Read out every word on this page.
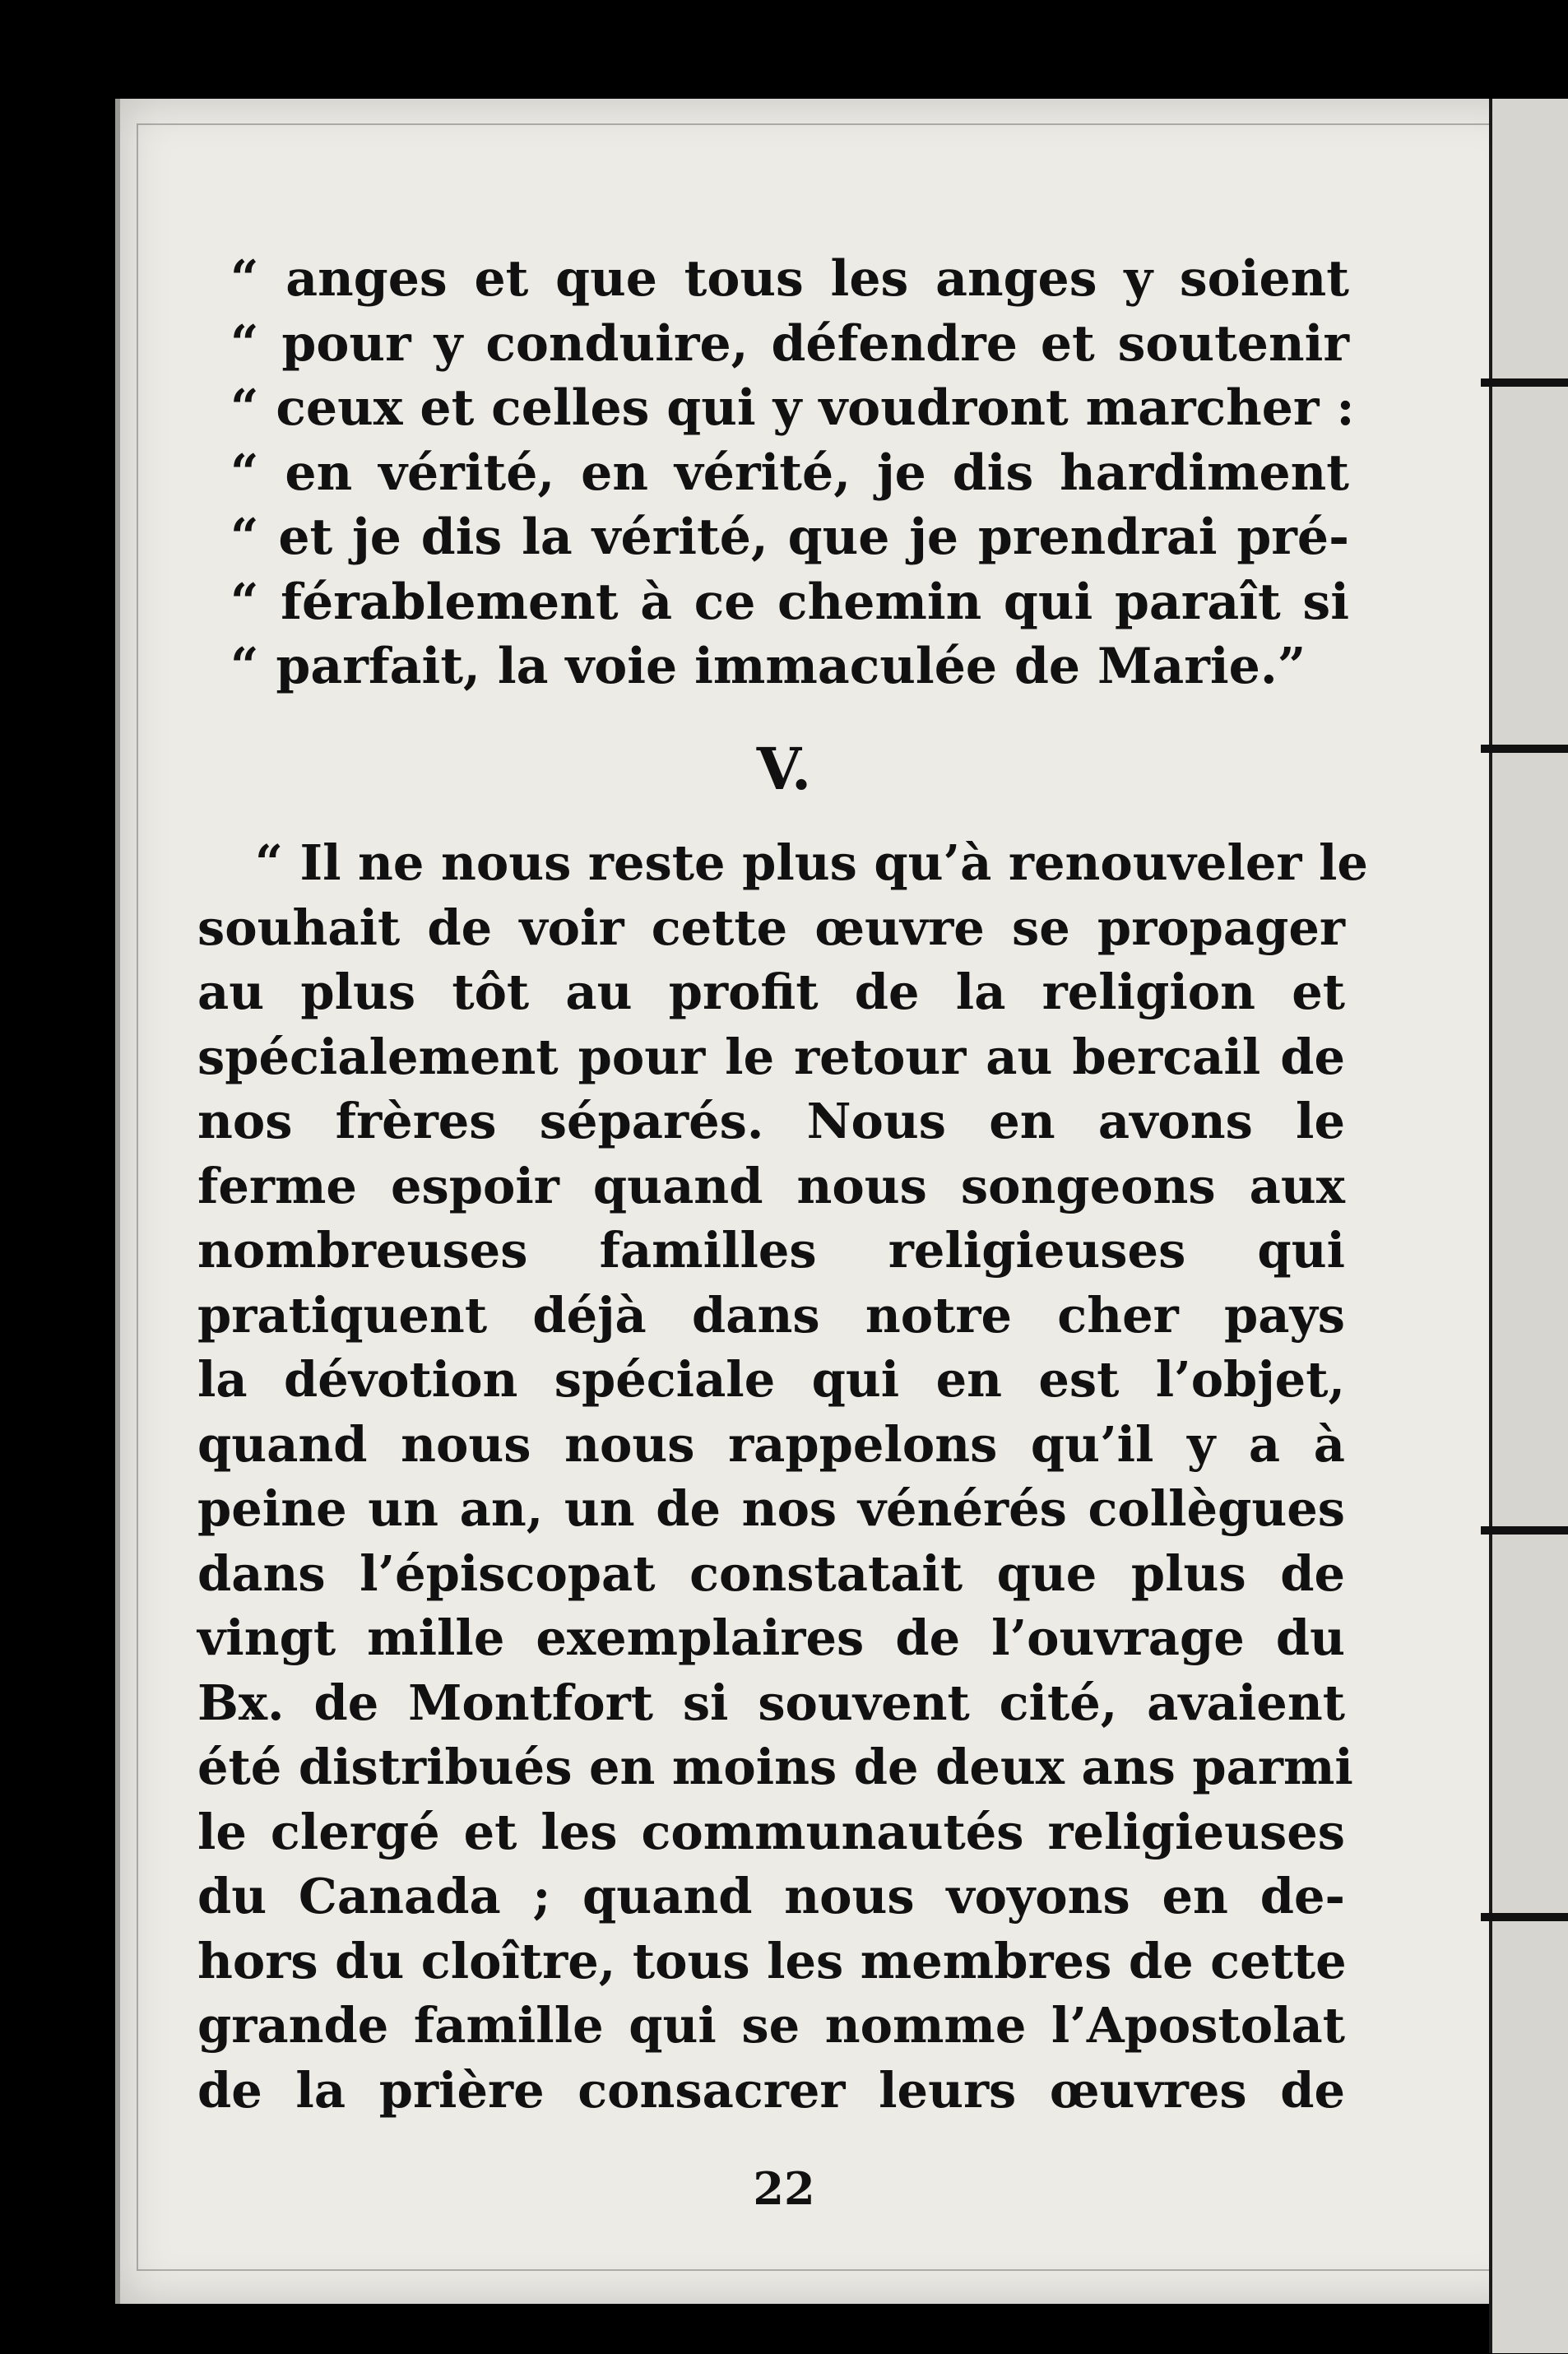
“ anges et que tous les anges y soient
“ pour y conduire, défendre et soutenir
“ ceux et celles qui y voudront marcher :
“ en vérité, en vérité, je dis hardiment
“ et je dis la vérité, que je prendrai pré-
“ férablement à ce chemin qui paraît si
“ parfait, la voie immaculée de Marie.”
V.
“ Il ne nous reste plus qu’à renouveler le
souhait de voir cette œuvre se propager
au plus tôt au profit de la religion et
spécialement pour le retour au bercail de
nos frères séparés. Nous en avons le
ferme espoir quand nous songeons aux
nombreuses familles religieuses qui
pratiquent déjà dans notre cher pays
la dévotion spéciale qui en est l’objet,
quand nous nous rappelons qu’il y a à
peine un an, un de nos vénérés collègues
dans l’épiscopat constatait que plus de
vingt mille exemplaires de l’ouvrage du
Bx. de Montfort si souvent cité, avaient
été distribués en moins de deux ans parmi
le clergé et les communautés religieuses
du Canada ; quand nous voyons en de-
hors du cloître, tous les membres de cette
grande famille qui se nomme l’Apostolat
de la prière consacrer leurs œuvres de
22
